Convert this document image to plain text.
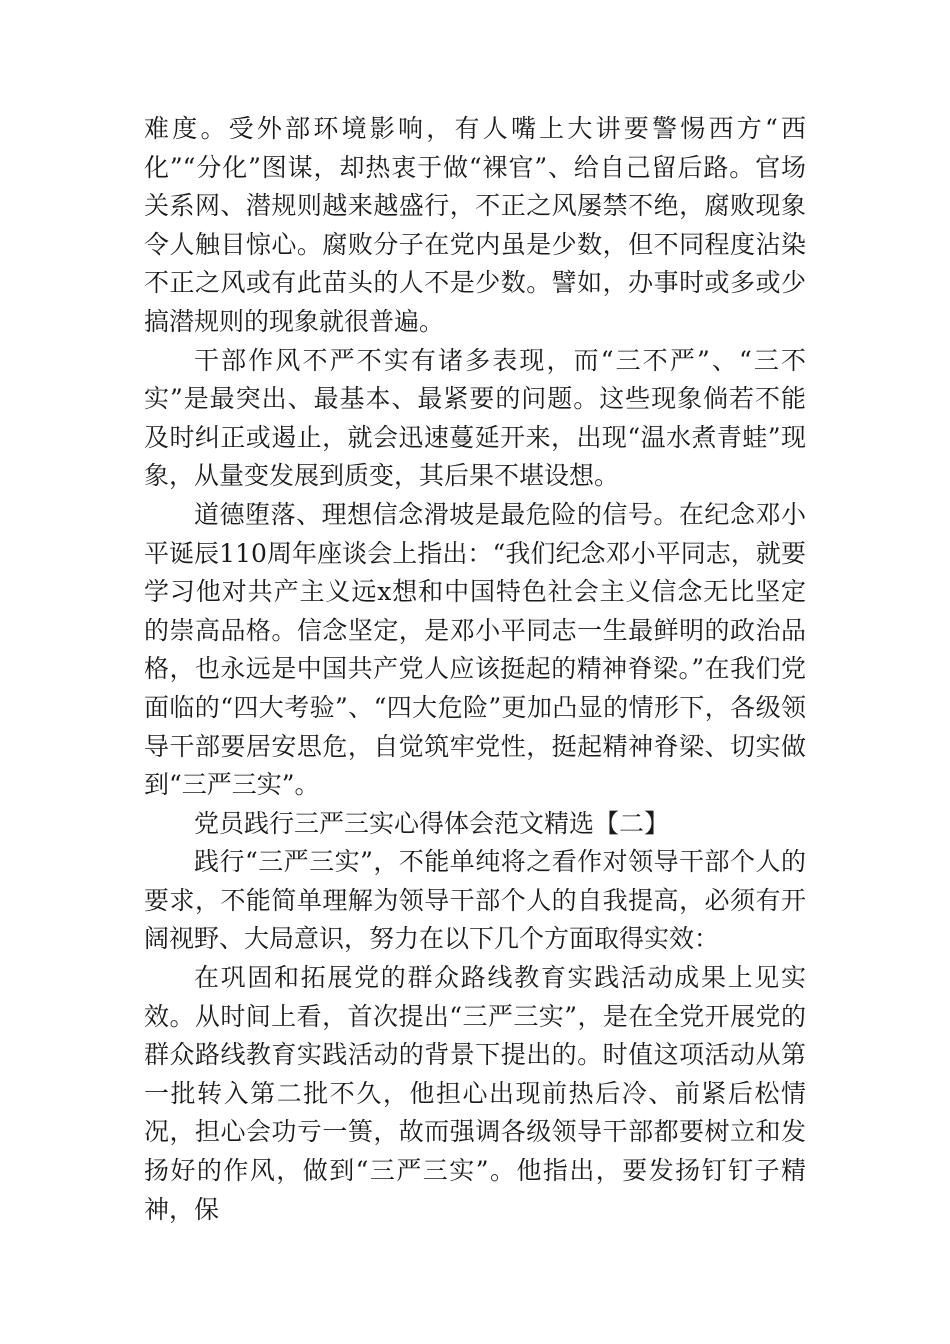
难度。受外部环境影响，有人嘴上大讲要警惕西方“西化”“分化”图谋，却热衷于做“裸官”、给自己留后路。官场关系网、潜规则越来越盛行，不正之风屡禁不绝，腐败现象令人触目惊心。腐败分子在党内虽是少数，但不同程度沾染不正之风或有此苗头的人不是少数。譬如，办事时或多或少搞潜规则的现象就很普遍。

干部作风不严不实有诸多表现，而“三不严”、“三不实”是最突出、最基本、最紧要的问题。这些现象倘若不能及时纠正或遏止，就会迅速蔓延开来，出现“温水煮青蛙”现象，从量变发展到质变，其后果不堪设想。

道德堕落、理想信念滑坡是最危险的信号。在纪念邓小平诞辰110周年座谈会上指出：“我们纪念邓小平同志，就要学习他对共产主义远x想和中国特色社会主义信念无比坚定的崇高品格。信念坚定，是邓小平同志一生最鲜明的政治品格，也永远是中国共产党人应该挺起的精神脊梁。”在我们党面临的“四大考验”、“四大危险”更加凸显的情形下，各级领导干部要居安思危，自觉筑牢党性，挺起精神脊梁、切实做到“三严三实”。

党员践行三严三实心得体会范文精选【二】

践行“三严三实”，不能单纯将之看作对领导干部个人的要求，不能简单理解为领导干部个人的自我提高，必须有开阔视野、大局意识，努力在以下几个方面取得实效：

在巩固和拓展党的群众路线教育实践活动成果上见实效。从时间上看，首次提出“三严三实”，是在全党开展党的群众路线教育实践活动的背景下提出的。时值这项活动从第一批转入第二批不久，他担心出现前热后冷、前紧后松情况，担心会功亏一篑，故而强调各级领导干部都要树立和发扬好的作风，做到“三严三实”。他指出，要发扬钉钉子精神，保
